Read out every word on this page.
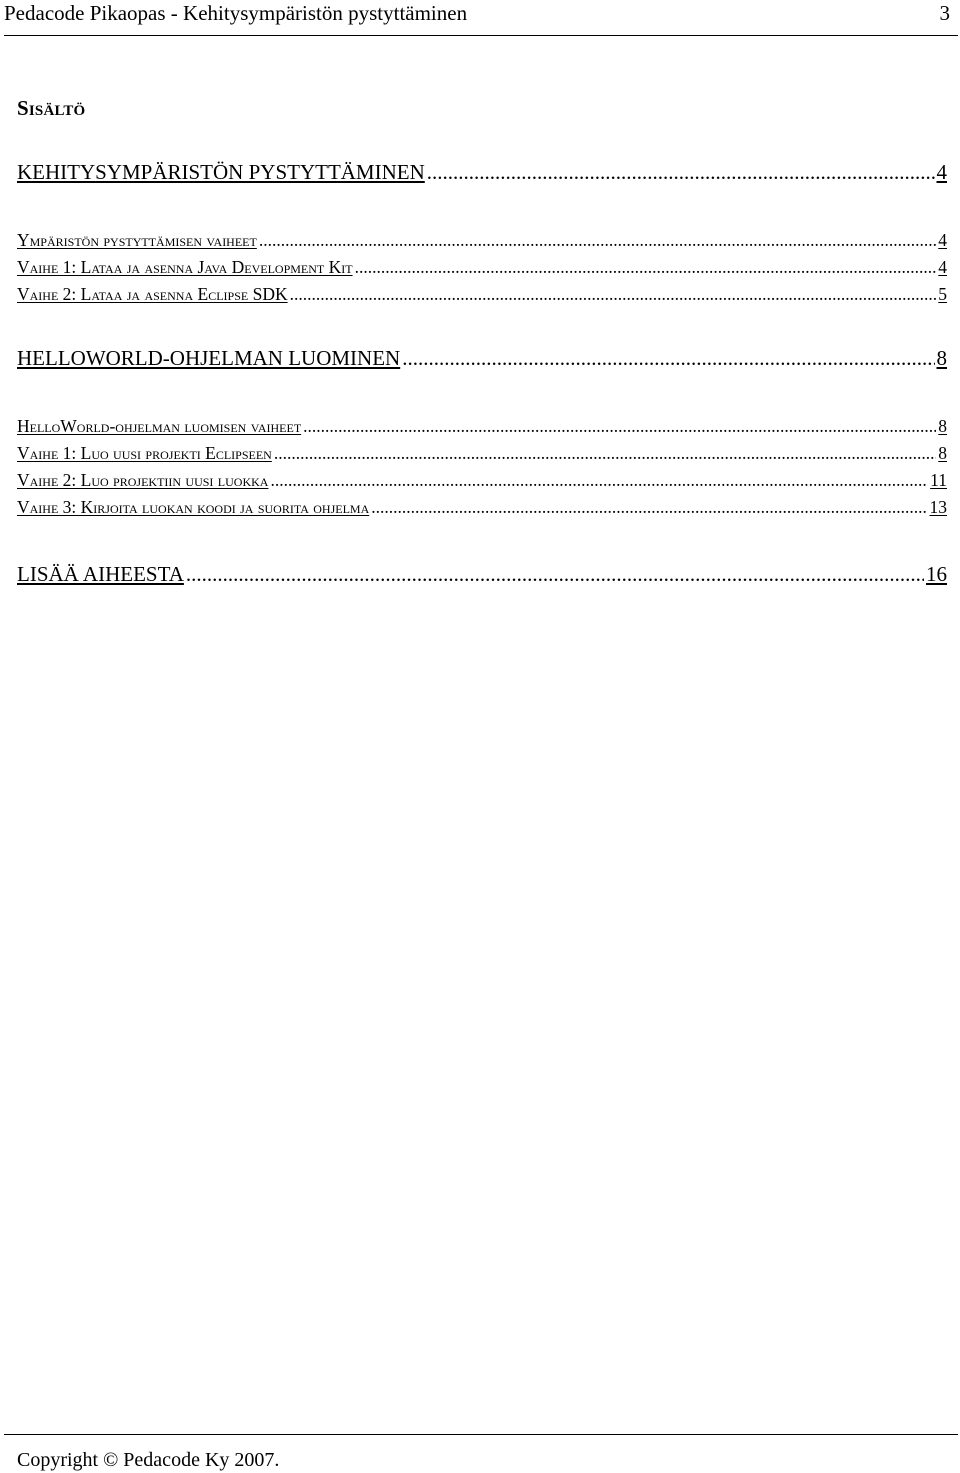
Pedacode Pikaopas - Kehitysympäristön pystyttäminen	3
Sisältö
KEHITYSYMPÄRISTÖN PYSTYTTÄMINEN .....	4
Ympäristön pystyttämisen vaiheet .....	4
Vaihe 1: Lataa ja asenna Java Development Kit .....	4
Vaihe 2: Lataa ja asenna Eclipse SDK .....	5
HELLOWORLD-OHJELMAN LUOMINEN .....	8
HelloWorld-ohjelman luomisen vaiheet .....	8
Vaihe 1: Luo uusi projekti Eclipseen .....	8
Vaihe 2: Luo projektiin uusi luokka .....	11
Vaihe 3: Kirjoita luokan koodi ja suorita ohjelma .....	13
LISÄÄ AIHEESTA .....	16
Copyright © Pedacode Ky 2007.
